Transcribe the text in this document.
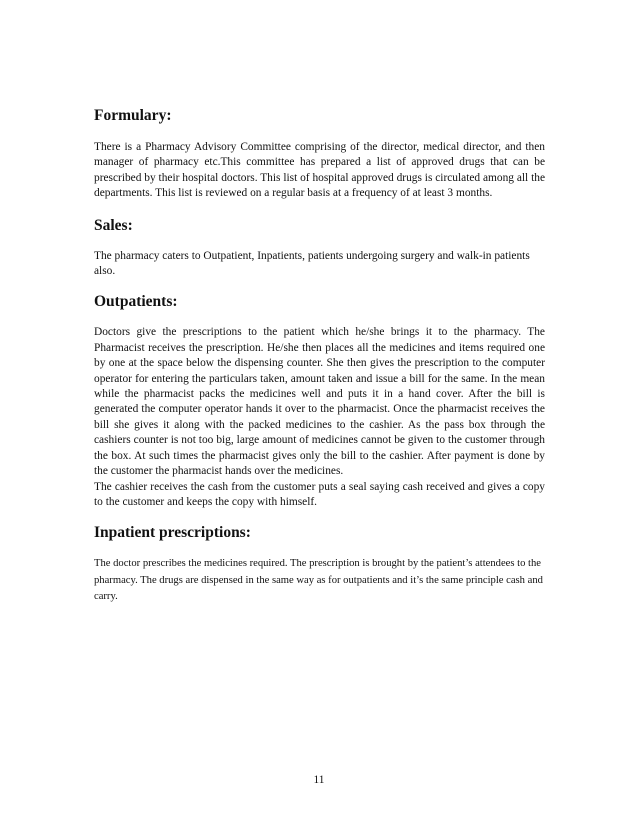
Formulary:

There is a Pharmacy Advisory Committee comprising of the director, medical director, and then manager of pharmacy etc.This committee has prepared a list of approved drugs that can be prescribed by their hospital doctors. This list of hospital approved drugs is circulated among all the departments. This list is reviewed on a regular basis at a frequency of at least 3 months.

Sales:

The pharmacy caters to Outpatient, Inpatients, patients undergoing surgery and walk-in patients also.

Outpatients:

Doctors give the prescriptions to the patient which he/she brings it to the pharmacy. The Pharmacist receives the prescription. He/she then places all the medicines and items required one by one at the space below the dispensing counter. She then gives the prescription to the computer operator for entering the particulars taken, amount taken and issue a bill for the same. In the mean while the pharmacist packs the medicines well and puts it in a hand cover. After the bill is generated the computer operator hands it over to the pharmacist. Once the pharmacist receives the bill she gives it along with the packed medicines to the cashier. As the pass box through the cashiers counter is not too big, large amount of medicines cannot be given to the customer through the box. At such times the pharmacist gives only the bill to the cashier. After payment is done by the customer the pharmacist hands over the medicines.

The cashier receives the cash from the customer puts a seal saying cash received and gives a copy to the customer and keeps the copy with himself.

Inpatient prescriptions:

The doctor prescribes the medicines required. The prescription is brought by the patient’s attendees to the pharmacy. The drugs are dispensed in the same way as for outpatients and it’s the same principle cash and carry.

11
